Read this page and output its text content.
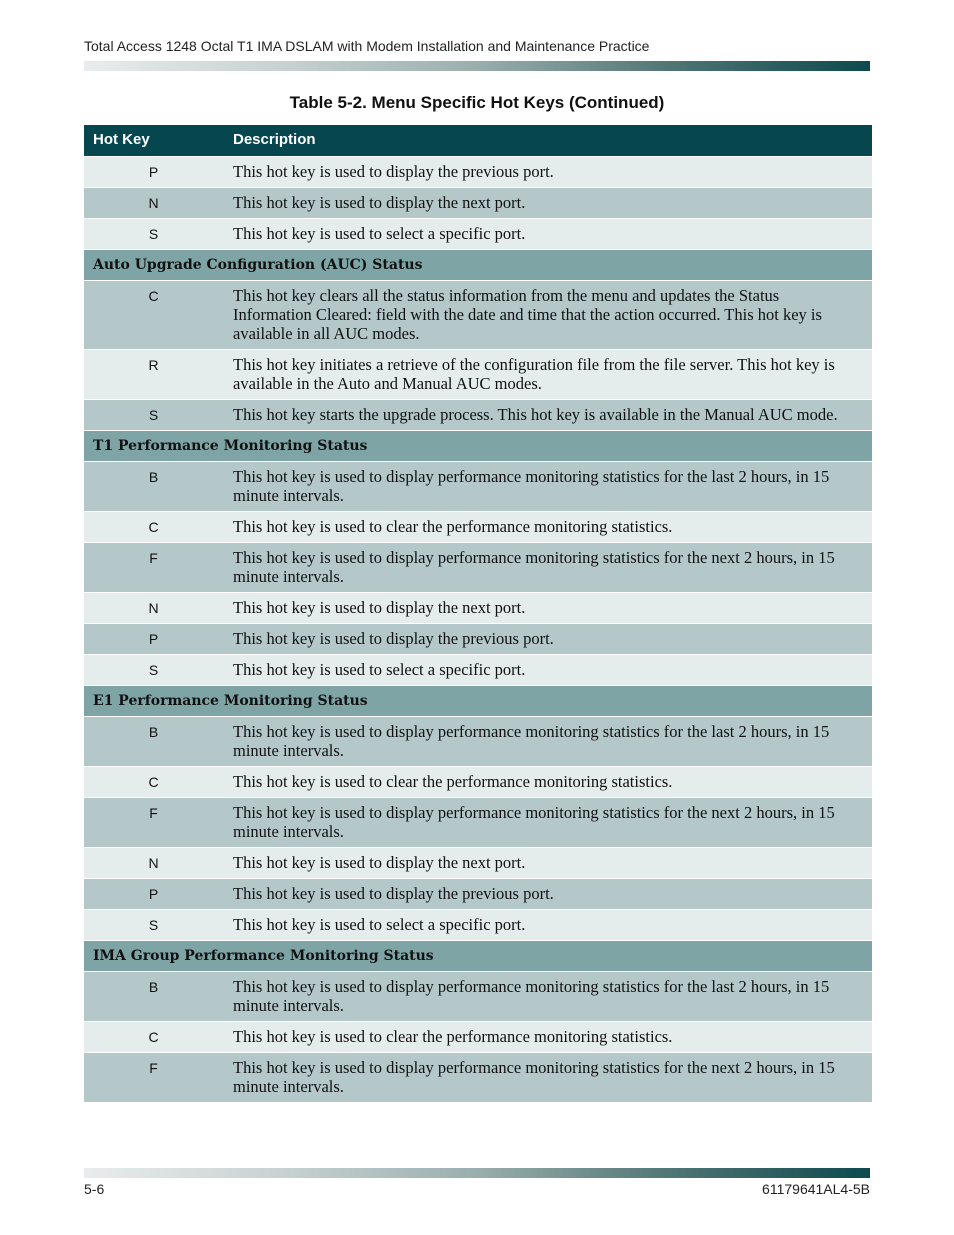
Total Access 1248 Octal T1 IMA DSLAM with Modem Installation and Maintenance Practice
Table 5-2. Menu Specific Hot Keys (Continued)
Hot Key	Description
P	This hot key is used to display the previous port.
N	This hot key is used to display the next port.
S	This hot key is used to select a specific port.
Auto Upgrade Configuration (AUC) Status
C	This hot key clears all the status information from the menu and updates the Status Information Cleared: field with the date and time that the action occurred. This hot key is available in all AUC modes.
R	This hot key initiates a retrieve of the configuration file from the file server. This hot key is available in the Auto and Manual AUC modes.
S	This hot key starts the upgrade process. This hot key is available in the Manual AUC mode.
T1 Performance Monitoring Status
B	This hot key is used to display performance monitoring statistics for the last 2 hours, in 15 minute intervals.
C	This hot key is used to clear the performance monitoring statistics.
F	This hot key is used to display performance monitoring statistics for the next 2 hours, in 15 minute intervals.
N	This hot key is used to display the next port.
P	This hot key is used to display the previous port.
S	This hot key is used to select a specific port.
E1 Performance Monitoring Status
B	This hot key is used to display performance monitoring statistics for the last 2 hours, in 15 minute intervals.
C	This hot key is used to clear the performance monitoring statistics.
F	This hot key is used to display performance monitoring statistics for the next 2 hours, in 15 minute intervals.
N	This hot key is used to display the next port.
P	This hot key is used to display the previous port.
S	This hot key is used to select a specific port.
IMA Group Performance Monitoring Status
B	This hot key is used to display performance monitoring statistics for the last 2 hours, in 15 minute intervals.
C	This hot key is used to clear the performance monitoring statistics.
F	This hot key is used to display performance monitoring statistics for the next 2 hours, in 15 minute intervals.
5-6	61179641AL4-5B
